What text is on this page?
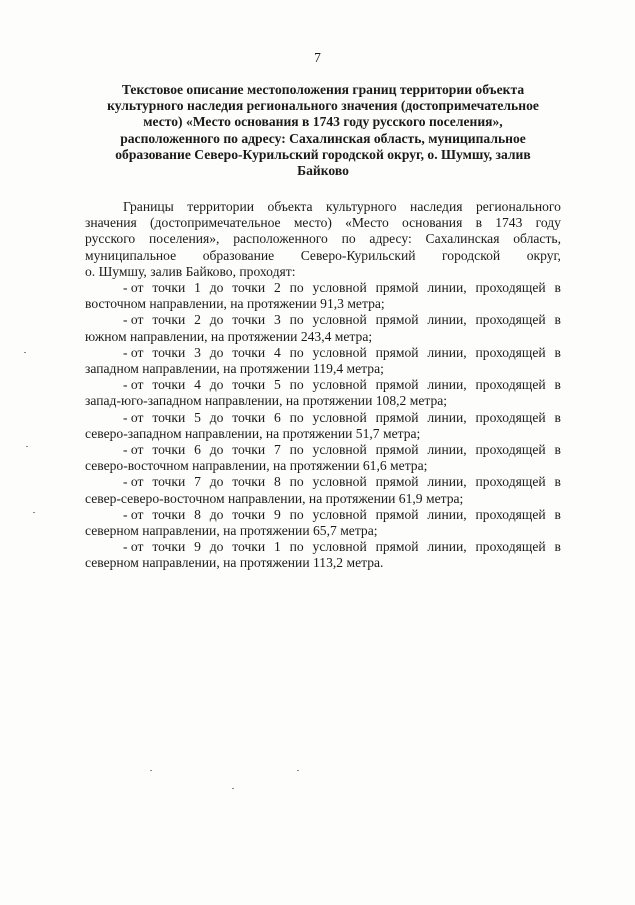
7
Текстовое описание местоположения границ территории объекта
культурного наследия регионального значения (достопримечательное
место) «Место основания в 1743 году русского поселения»,
расположенного по адресу: Сахалинская область, муниципальное
образование Северо-Курильский городской округ, о. Шумшу, залив
Байково
Границы территории объекта культурного наследия регионального
значения (достопримечательное место) «Место основания в 1743 году
русского поселения», расположенного по адресу: Сахалинская область,
муниципальное образование Северо-Курильский городской округ,
о. Шумшу, залив Байково, проходят:
- от точки 1 до точки 2 по условной прямой линии, проходящей в
восточном направлении, на протяжении 91,3 метра;
- от точки 2 до точки 3 по условной прямой линии, проходящей в
южном направлении, на протяжении 243,4 метра;
- от точки 3 до точки 4 по условной прямой линии, проходящей в
западном направлении, на протяжении 119,4 метра;
- от точки 4 до точки 5 по условной прямой линии, проходящей в
запад-юго-западном направлении, на протяжении 108,2 метра;
- от точки 5 до точки 6 по условной прямой линии, проходящей в
северо-западном направлении, на протяжении 51,7 метра;
- от точки 6 до точки 7 по условной прямой линии, проходящей в
северо-восточном направлении, на протяжении 61,6 метра;
- от точки 7 до точки 8 по условной прямой линии, проходящей в
север-северо-восточном направлении, на протяжении 61,9 метра;
- от точки 8 до точки 9 по условной прямой линии, проходящей в
северном направлении, на протяжении 65,7 метра;
- от точки 9 до точки 1 по условной прямой линии, проходящей в
северном направлении, на протяжении 113,2 метра.
